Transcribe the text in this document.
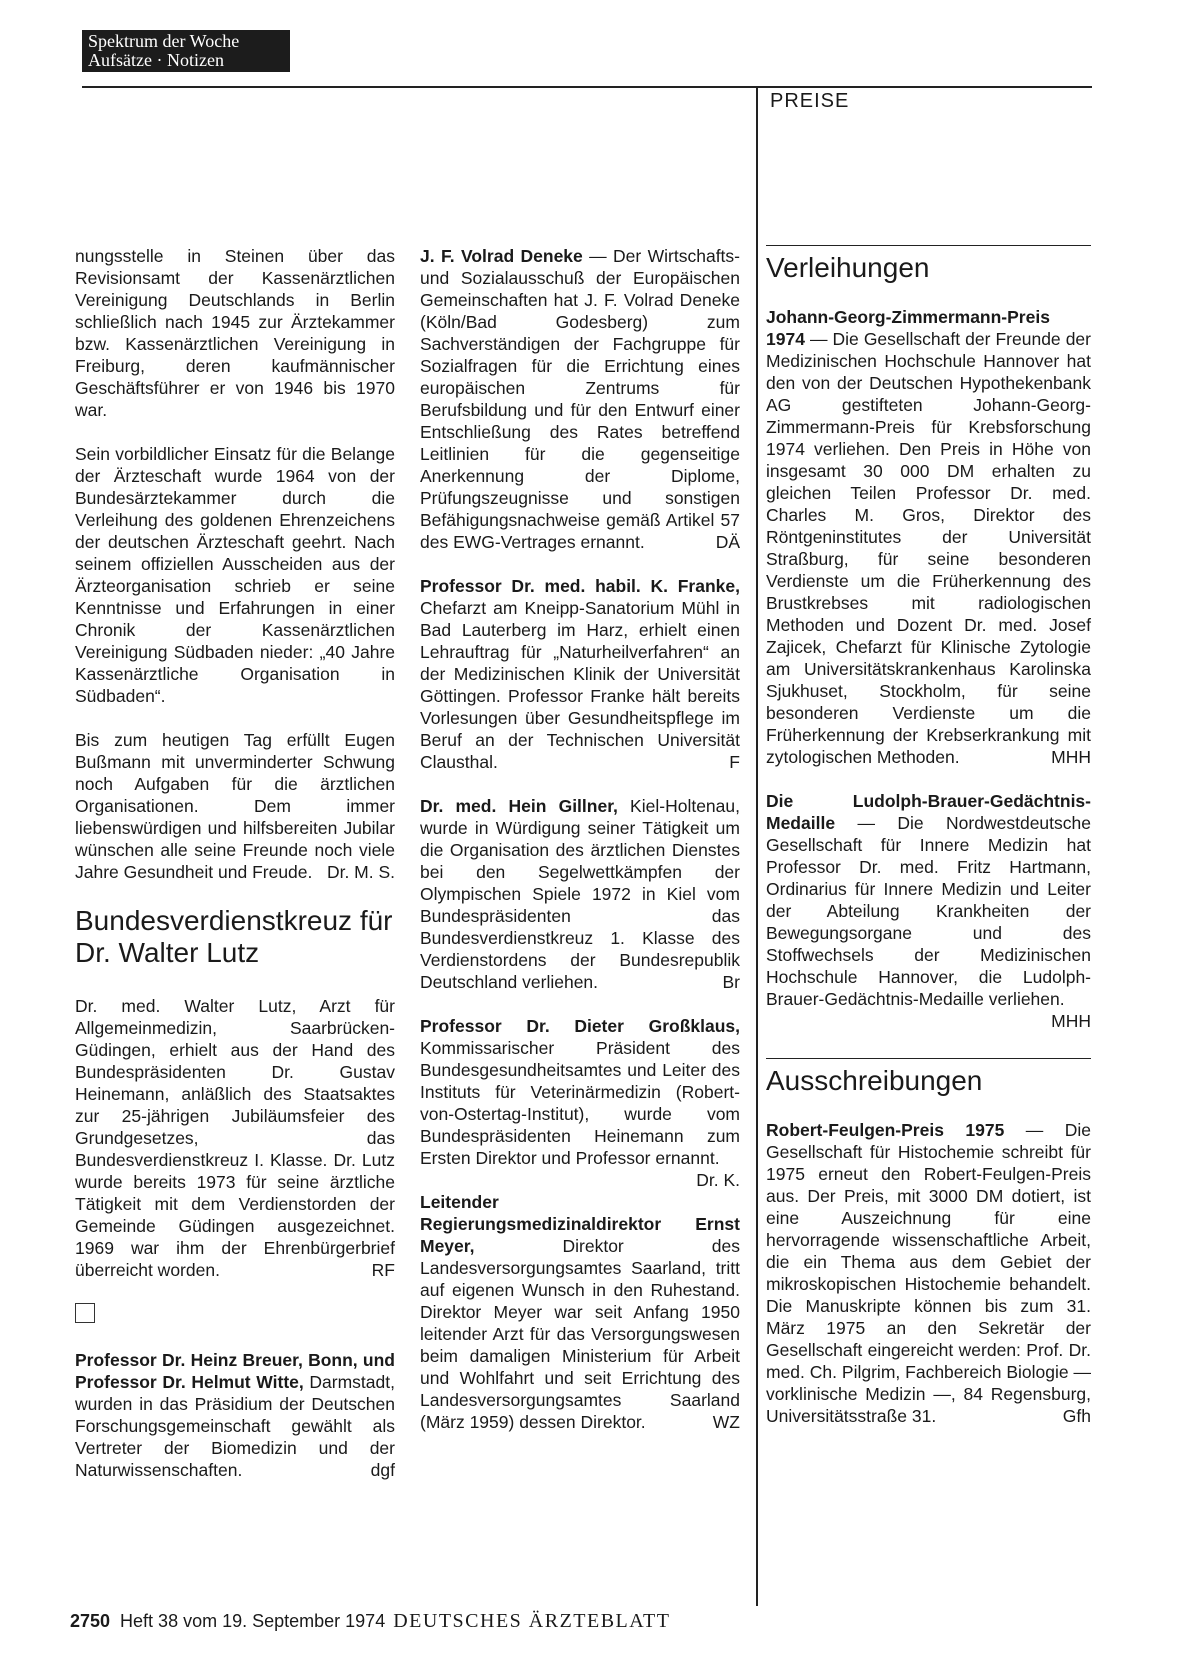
Spektrum der Woche
Aufsätze · Notizen
PREISE

nungsstelle in Steinen über das Revisionsamt der Kassenärztlichen Vereinigung Deutschlands in Berlin schließlich nach 1945 zur Ärztekammer bzw. Kassenärztlichen Vereinigung in Freiburg, deren kaufmännischer Geschäftsführer er von 1946 bis 1970 war.

Sein vorbildlicher Einsatz für die Belange der Ärzteschaft wurde 1964 von der Bundesärztekammer durch die Verleihung des goldenen Ehrenzeichens der deutschen Ärzteschaft geehrt. Nach seinem offiziellen Ausscheiden aus der Ärzteorganisation schrieb er seine Kenntnisse und Erfahrungen in einer Chronik der Kassenärztlichen Vereinigung Südbaden nieder: „40 Jahre Kassenärztliche Organisation in Südbaden“.

Bis zum heutigen Tag erfüllt Eugen Bußmann mit unverminderter Schwung noch Aufgaben für die ärztlichen Organisationen. Dem immer liebenswürdigen und hilfsbereiten Jubilar wünschen alle seine Freunde noch viele Jahre Gesundheit und Freude. Dr. M. S.

Bundesverdienstkreuz für Dr. Walter Lutz

Dr. med. Walter Lutz, Arzt für Allgemeinmedizin, Saarbrücken-Güdingen, erhielt aus der Hand des Bundespräsidenten Dr. Gustav Heinemann, anläßlich des Staatsaktes zur 25-jährigen Jubiläumsfeier des Grundgesetzes, das Bundesverdienstkreuz I. Klasse. Dr. Lutz wurde bereits 1973 für seine ärztliche Tätigkeit mit dem Verdienstorden der Gemeinde Güdingen ausgezeichnet. 1969 war ihm der Ehrenbürgerbrief überreicht worden.	RF

Professor Dr. Heinz Breuer, Bonn, und Professor Dr. Helmut Witte, Darmstadt, wurden in das Präsidium der Deutschen Forschungsgemeinschaft gewählt als Vertreter der Biomedizin und der Naturwissenschaften.	dgf

J. F. Volrad Deneke — Der Wirtschafts- und Sozialausschuß der Europäischen Gemeinschaften hat J. F. Volrad Deneke (Köln/Bad Godesberg) zum Sachverständigen der Fachgruppe für Sozialfragen für die Errichtung eines europäischen Zentrums für Berufsbildung und für den Entwurf einer Entschließung des Rates betreffend Leitlinien für die gegenseitige Anerkennung der Diplome, Prüfungszeugnisse und sonstigen Befähigungsnachweise gemäß Artikel 57 des EWG-Vertrages ernannt.	DÄ

Professor Dr. med. habil. K. Franke, Chefarzt am Kneipp-Sanatorium Mühl in Bad Lauterberg im Harz, erhielt einen Lehrauftrag für „Naturheilverfahren“ an der Medizinischen Klinik der Universität Göttingen. Professor Franke hält bereits Vorlesungen über Gesundheitspflege im Beruf an der Technischen Universität Clausthal.	F

Dr. med. Hein Gillner, Kiel-Holtenau, wurde in Würdigung seiner Tätigkeit um die Organisation des ärztlichen Dienstes bei den Segelwettkämpfen der Olympischen Spiele 1972 in Kiel vom Bundespräsidenten das Bundesverdienstkreuz 1. Klasse des Verdienstordens der Bundesrepublik Deutschland verliehen.	Br

Professor Dr. Dieter Großklaus, Kommissarischer Präsident des Bundesgesundheitsamtes und Leiter des Instituts für Veterinärmedizin (Robert-von-Ostertag-Institut), wurde vom Bundespräsidenten Heinemann zum Ersten Direktor und Professor ernannt.
Dr. K.

Leitender Regierungsmedizinaldirektor Ernst Meyer, Direktor des Landesversorgungsamtes Saarland, tritt auf eigenen Wunsch in den Ruhestand. Direktor Meyer war seit Anfang 1950 leitender Arzt für das Versorgungswesen beim damaligen Ministerium für Arbeit und Wohlfahrt und seit Errichtung des Landesversorgungsamtes Saarland (März 1959) dessen Direktor.	WZ

Verleihungen

Johann-Georg-Zimmermann-Preis 1974 — Die Gesellschaft der Freunde der Medizinischen Hochschule Hannover hat den von der Deutschen Hypothekenbank AG gestifteten Johann-Georg-Zimmermann-Preis für Krebsforschung 1974 verliehen. Den Preis in Höhe von insgesamt 30 000 DM erhalten zu gleichen Teilen Professor Dr. med. Charles M. Gros, Direktor des Röntgeninstitutes der Universität Straßburg, für seine besonderen Verdienste um die Früherkennung des Brustkrebses mit radiologischen Methoden und Dozent Dr. med. Josef Zajicek, Chefarzt für Klinische Zytologie am Universitätskrankenhaus Karolinska Sjukhuset, Stockholm, für seine besonderen Verdienste um die Früherkennung der Krebserkrankung mit zytologischen Methoden.	MHH

Die Ludolph-Brauer-Gedächtnis-Medaille — Die Nordwestdeutsche Gesellschaft für Innere Medizin hat Professor Dr. med. Fritz Hartmann, Ordinarius für Innere Medizin und Leiter der Abteilung Krankheiten der Bewegungsorgane und des Stoffwechsels der Medizinischen Hochschule Hannover, die Ludolph-Brauer-Gedächtnis-Medaille verliehen.
MHH

Ausschreibungen

Robert-Feulgen-Preis 1975 — Die Gesellschaft für Histochemie schreibt für 1975 erneut den Robert-Feulgen-Preis aus. Der Preis, mit 3000 DM dotiert, ist eine Auszeichnung für eine hervorragende wissenschaftliche Arbeit, die ein Thema aus dem Gebiet der mikroskopischen Histochemie behandelt. Die Manuskripte können bis zum 31. März 1975 an den Sekretär der Gesellschaft eingereicht werden: Prof. Dr. med. Ch. Pilgrim, Fachbereich Biologie — vorklinische Medizin —, 84 Regensburg, Universitätsstraße 31.	Gfh

2750 Heft 38 vom 19. September 1974 DEUTSCHES ÄRZTEBLATT
